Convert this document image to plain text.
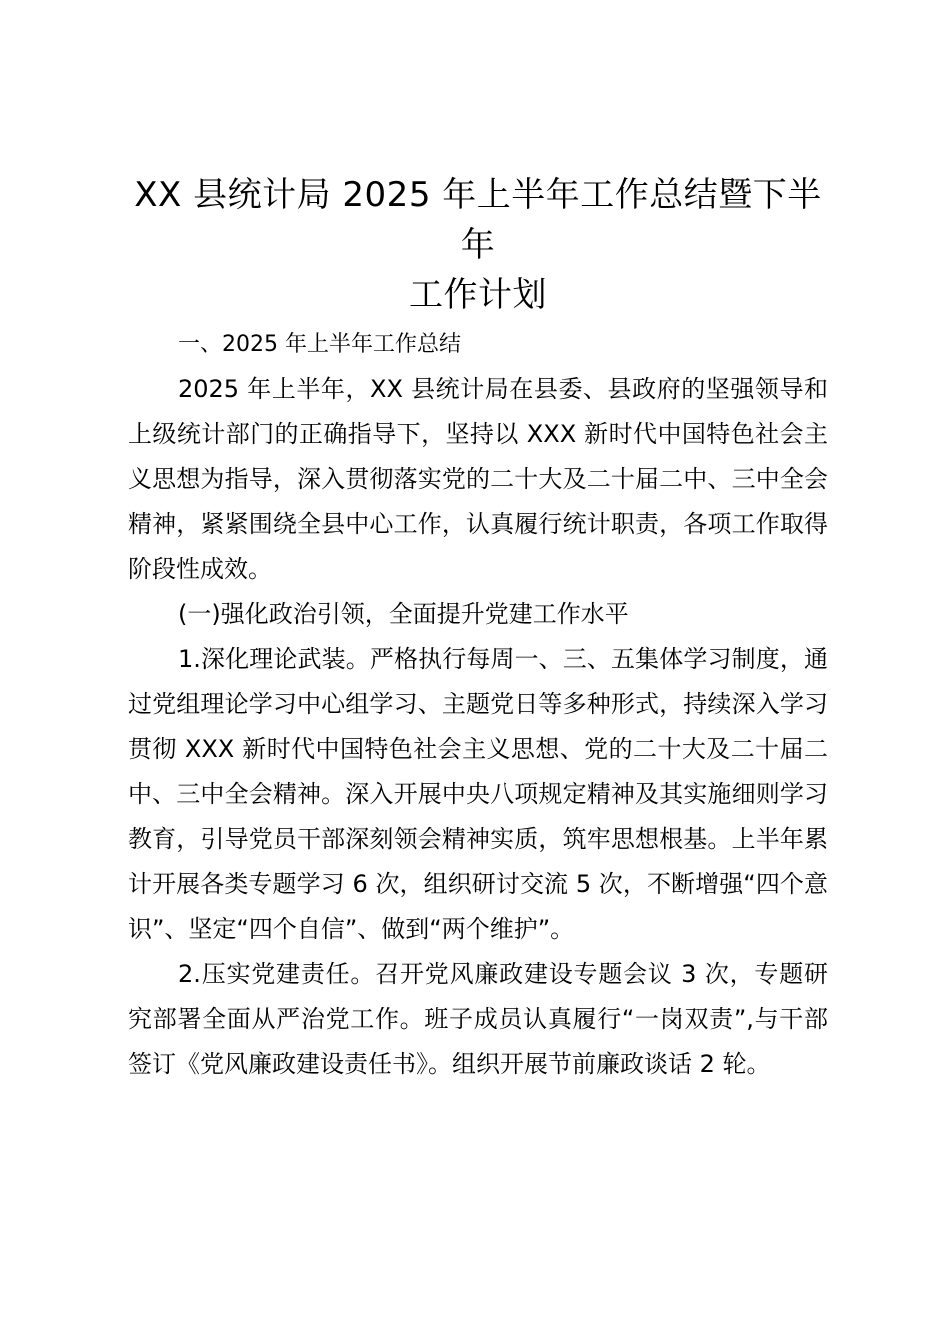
XX 县统计局 2025 年上半年工作总结暨下半年
工作计划

一、2025 年上半年工作总结

2025 年上半年，XX 县统计局在县委、县政府的坚强领导和上级统计部门的正确指导下，坚持以 XXX 新时代中国特色社会主义思想为指导，深入贯彻落实党的二十大及二十届二中、三中全会精神，紧紧围绕全县中心工作，认真履行统计职责，各项工作取得阶段性成效。

(一)强化政治引领，全面提升党建工作水平

1.深化理论武装。严格执行每周一、三、五集体学习制度，通过党组理论学习中心组学习、主题党日等多种形式，持续深入学习贯彻 XXX 新时代中国特色社会主义思想、党的二十大及二十届二中、三中全会精神。深入开展中央八项规定精神及其实施细则学习教育，引导党员干部深刻领会精神实质，筑牢思想根基。上半年累计开展各类专题学习 6 次，组织研讨交流 5 次，不断增强“四个意识”、坚定“四个自信”、做到“两个维护”。

2.压实党建责任。召开党风廉政建设专题会议 3 次，专题研究部署全面从严治党工作。班子成员认真履行“一岗双责”,与干部签订《党风廉政建设责任书》。组织开展节前廉政谈话 2 轮。
